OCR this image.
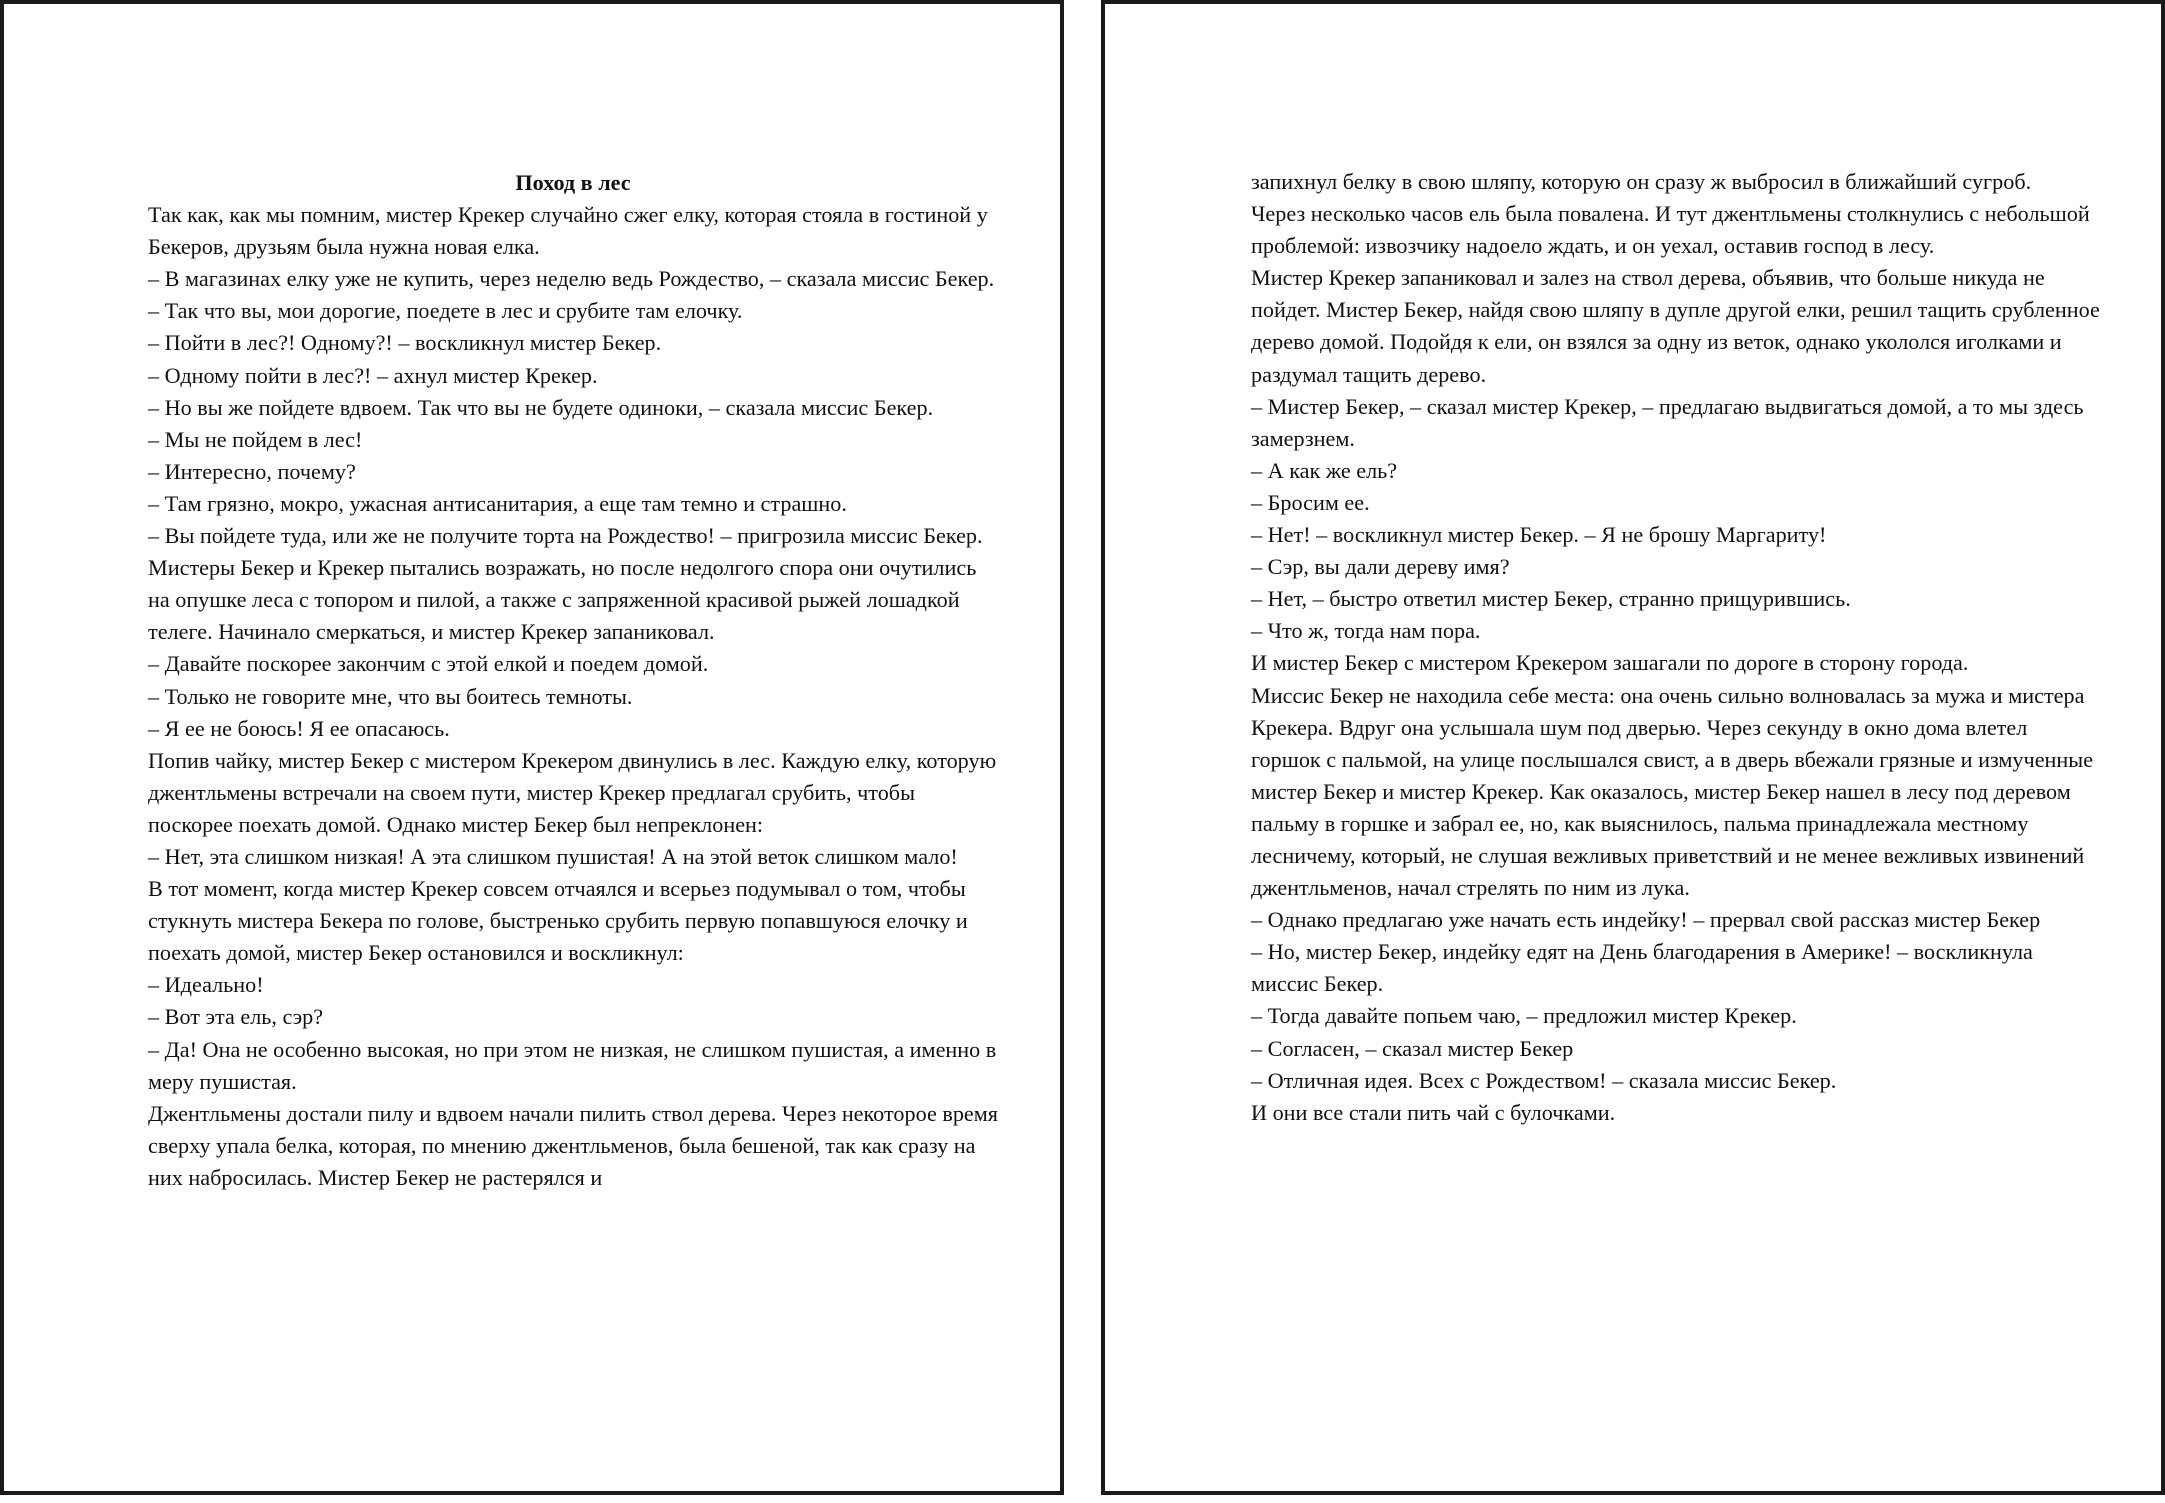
Поход в лес

Так как, как мы помним, мистер Крекер случайно сжег елку, которая стояла в гостиной у Бекеров, друзьям была нужна новая елка.

– В магазинах елку уже не купить, через неделю ведь Рождество, – сказала миссис Бекер. – Так что вы, мои дорогие, поедете в лес и срубите там елочку.

– Пойти в лес?! Одному?! – воскликнул мистер Бекер.

– Одному пойти в лес?! – ахнул мистер Крекер.

– Но вы же пойдете вдвоем. Так что вы не будете одиноки, – сказала миссис Бекер.

– Мы не пойдем в лес!

– Интересно, почему?

– Там грязно, мокро, ужасная антисанитария, а еще там темно и страшно.

– Вы пойдете туда, или же не получите торта на Рождество! – пригрозила миссис Бекер.

Мистеры Бекер и Крекер пытались возражать, но после недолгого спора они очутились на опушке леса с топором и пилой, а также с запряженной красивой рыжей лошадкой телеге. Начинало смеркаться, и мистер Крекер запаниковал.

– Давайте поскорее закончим с этой елкой и поедем домой.

– Только не говорите мне, что вы боитесь темноты.

– Я ее не боюсь! Я ее опасаюсь.

Попив чайку, мистер Бекер с мистером Крекером двинулись в лес. Каждую елку, которую джентльмены встречали на своем пути, мистер Крекер предлагал срубить, чтобы поскорее поехать домой. Однако мистер Бекер был непреклонен:

– Нет, эта слишком низкая! А эта слишком пушистая! А на этой веток слишком мало!

В тот момент, когда мистер Крекер совсем отчаялся и всерьез подумывал о том, чтобы стукнуть мистера Бекера по голове, быстренько срубить первую попавшуюся елочку и поехать домой, мистер Бекер остановился и воскликнул:

– Идеально!

– Вот эта ель, сэр?

– Да! Она не особенно высокая, но при этом не низкая, не слишком пушистая, а именно в меру пушистая.

Джентльмены достали пилу и вдвоем начали пилить ствол дерева. Через некоторое время сверху упала белка, которая, по мнению джентльменов, была бешеной, так как сразу на них набросилась. Мистер Бекер не растерялся и

запихнул белку в свою шляпу, которую он сразу ж выбросил в ближайший сугроб.

Через несколько часов ель была повалена. И тут джентльмены столкнулись с небольшой проблемой: извозчику надоело ждать, и он уехал, оставив господ в лесу.

Мистер Крекер запаниковал и залез на ствол дерева, объявив, что больше никуда не пойдет. Мистер Бекер, найдя свою шляпу в дупле другой елки, решил тащить срубленное дерево домой. Подойдя к ели, он взялся за одну из веток, однако укололся иголками и раздумал тащить дерево.

– Мистер Бекер, – сказал мистер Крекер, – предлагаю выдвигаться домой, а то мы здесь замерзнем.

– А как же ель?

– Бросим ее.

– Нет! – воскликнул мистер Бекер. – Я не брошу Маргариту!

– Сэр, вы дали дереву имя?

– Нет, – быстро ответил мистер Бекер, странно прищурившись.

– Что ж, тогда нам пора.

И мистер Бекер с мистером Крекером зашагали по дороге в сторону города.

Миссис Бекер не находила себе места: она очень сильно волновалась за мужа и мистера Крекера. Вдруг она услышала шум под дверью. Через секунду в окно дома влетел горшок с пальмой, на улице послышался свист, а в дверь вбежали грязные и измученные мистер Бекер и мистер Крекер. Как оказалось, мистер Бекер нашел в лесу под деревом пальму в горшке и забрал ее, но, как выяснилось, пальма принадлежала местному лесничему, который, не слушая вежливых приветствий и не менее вежливых извинений джентльменов, начал стрелять по ним из лука.

– Однако предлагаю уже начать есть индейку! – прервал свой рассказ мистер Бекер

– Но, мистер Бекер, индейку едят на День благодарения в Америке! – воскликнула миссис Бекер.

– Тогда давайте попьем чаю, – предложил мистер Крекер.

– Согласен, – сказал мистер Бекер

– Отличная идея. Всех с Рождеством! – сказала миссис Бекер.

И они все стали пить чай с булочками.
